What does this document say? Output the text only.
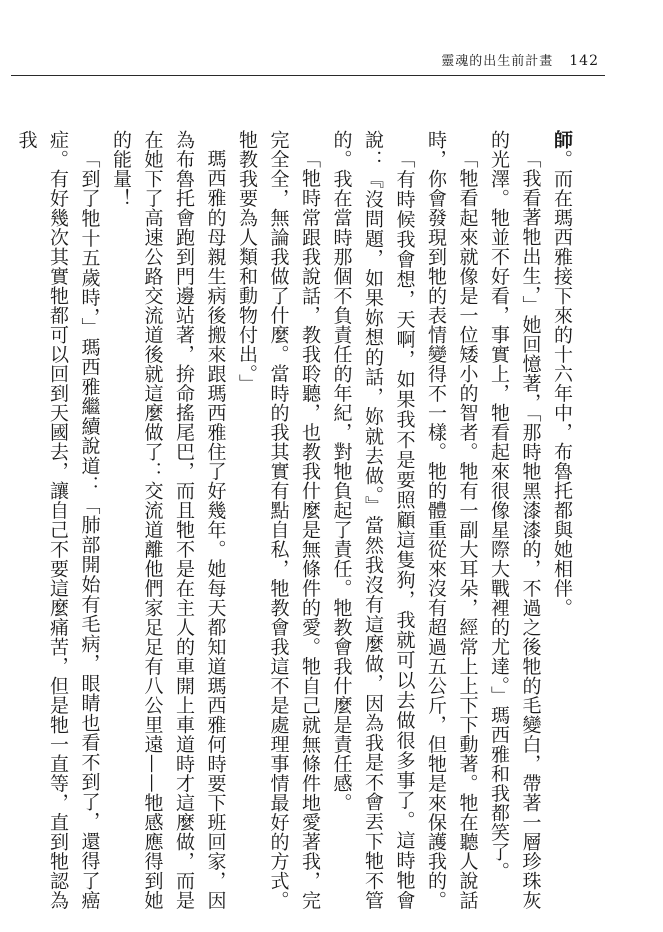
靈魂的出生前計畫 142

師。而在瑪西雅接下來的十六年中，布魯托都與她相伴。

「我看著牠出生，」她回憶著，「那時牠黑漆漆的，不過之後牠的毛變白，帶著一層珍珠灰的光澤。牠並不好看，事實上，牠看起來很像星際大戰裡的尤達。」瑪西雅和我都笑了。

「牠看起來就像是一位矮小的智者。牠有一副大耳朵，經常上上下下動著。牠在聽人說話時，你會發現到牠的表情變得不一樣。牠的體重從來沒有超過五公斤，但牠是來保護我的。

「有時候我會想，天啊，如果我不是要照顧這隻狗，我就可以去做很多事了。這時牠會說：『沒問題，如果妳想的話，妳就去做。』當然我沒有這麼做，因為我是不會丟下牠不管的。我在當時那個不負責任的年紀，對牠負起了責任。牠教會我什麼是責任感。

「牠時常跟我說話，教我聆聽，也教我什麼是無條件的愛。牠自己就無條件地愛著我，完完全全，無論我做了什麼。當時的我其實有點自私，牠教會我這不是處理事情最好的方式。牠教我要為人類和動物付出。」

瑪西雅的母親生病後搬來跟瑪西雅住了好幾年。她每天都知道瑪西雅何時要下班回家，因為布魯托會跑到門邊站著，拚命搖尾巴，而且牠不是在主人的車開上車道時才這麼做，而是在她下了高速公路交流道後就這麼做了：交流道離他們家足足有八公里遠——牠感應得到她的能量！

「到了牠十五歲時，」瑪西雅繼續說道：「肺部開始有毛病，眼睛也看不到了，還得了癌症。有好幾次其實牠都可以回到天國去，讓自己不要這麼痛苦，但是牠一直等，直到牠認為我
